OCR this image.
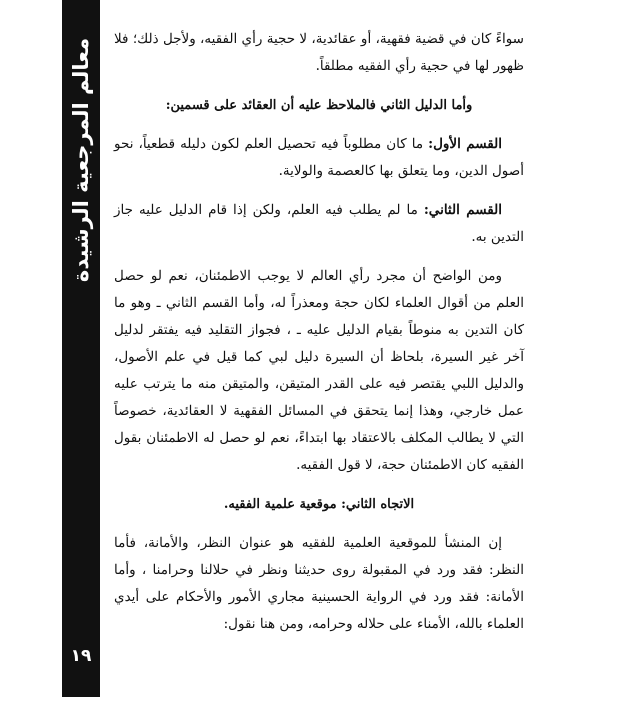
معالم المرجعية الرشيدة
١٩

سواءً كان في قضية فقهية، أو عقائدية، لا حجية رأي الفقيه، ولأجل ذلك؛ فلا ظهور لها في حجية رأي الفقيه مطلقاً.

وأما الدليل الثاني فالملاحظ عليه أن العقائد على قسمين:

القسم الأول: ما كان مطلوباً فيه تحصيل العلم لكون دليله قطعياً، نحو أصول الدين، وما يتعلق بها كالعصمة والولاية.

القسم الثاني: ما لم يطلب فيه العلم، ولكن إذا قام الدليل عليه جاز التدين به.

ومن الواضح أن مجرد رأي العالم لا يوجب الاطمئنان، نعم لو حصل العلم من أقوال العلماء لكان حجة ومعذراً له، وأما القسم الثاني ـ وهو ما كان التدين به منوطاً بقيام الدليل عليه ـ ، فجواز التقليد فيه يفتقر لدليل آخر غير السيرة، بلحاظ أن السيرة دليل لبي كما قيل في علم الأصول، والدليل اللبي يقتصر فيه على القدر المتيقن، والمتيقن منه ما يترتب عليه عمل خارجي، وهذا إنما يتحقق في المسائل الفقهية لا العقائدية، خصوصاً التي لا يطالب المكلف بالاعتقاد بها ابتداءً، نعم لو حصل له الاطمئنان بقول الفقيه كان الاطمئنان حجة، لا قول الفقيه.

الاتجاه الثاني: موقعية علمية الفقيه.

إن المنشأ للموقعية العلمية للفقيه هو عنوان النظر، والأمانة، فأما النظر: فقد ورد في المقبولة روى حديثنا ونظر في حلالنا وحرامنا ، وأما الأمانة: فقد ورد في الرواية الحسينية مجاري الأمور والأحكام على أيدي العلماء بالله، الأمناء على حلاله وحرامه، ومن هنا نقول:
